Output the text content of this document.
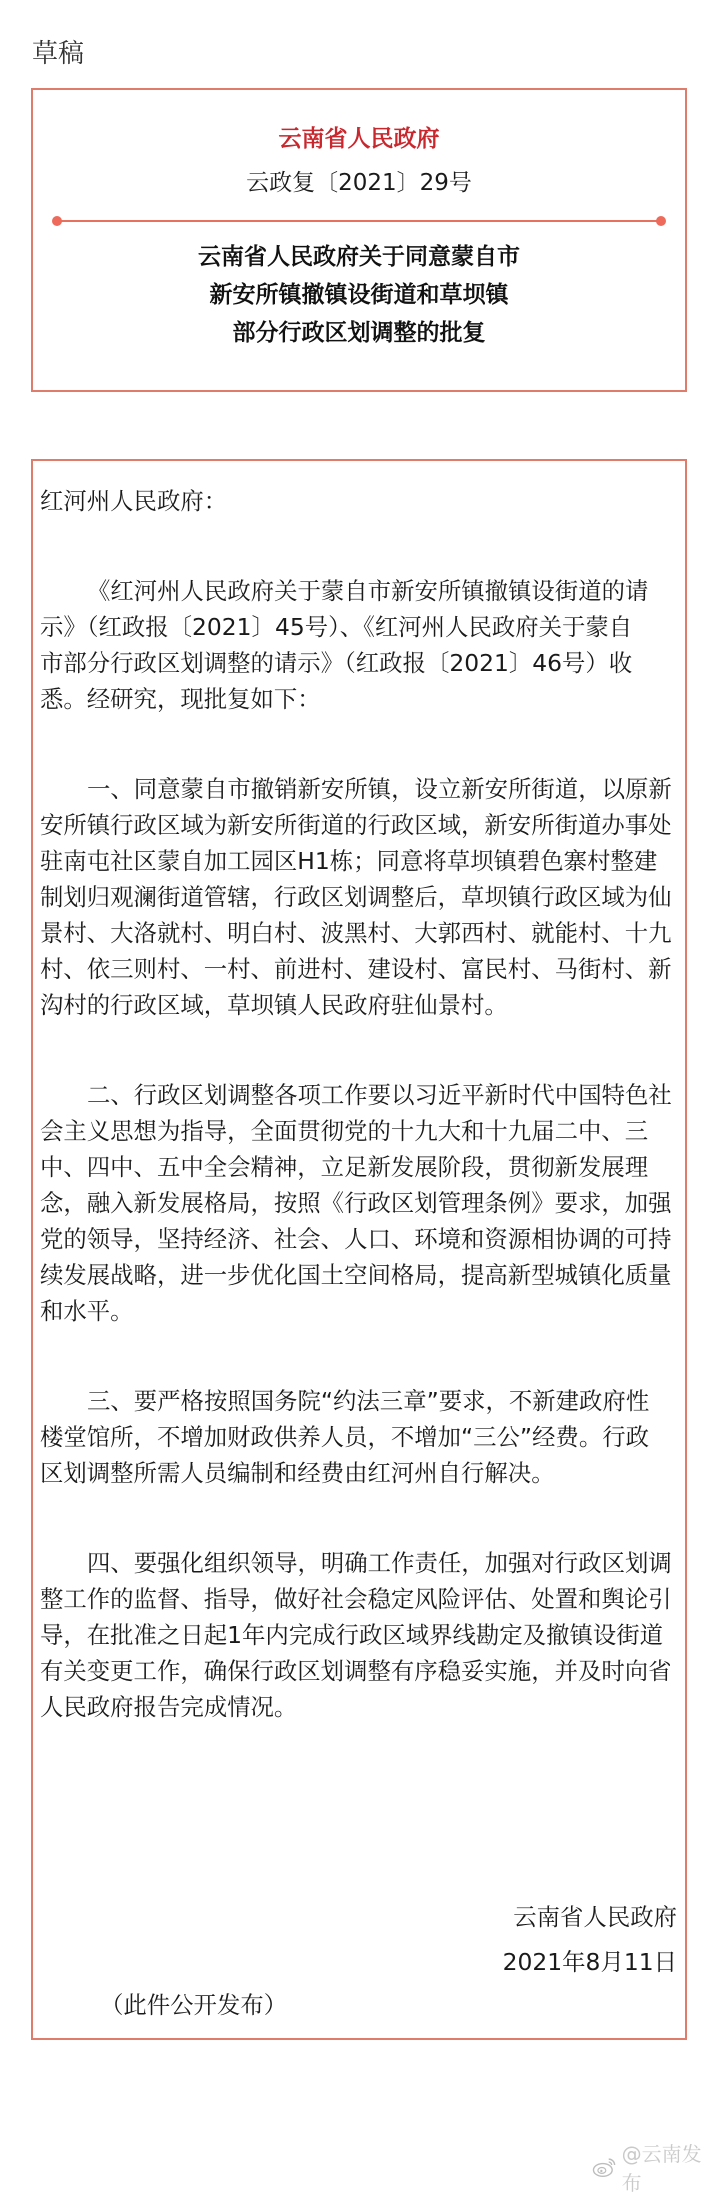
草稿
云南省人民政府
云政复〔2021〕29号
云南省人民政府关于同意蒙自市
新安所镇撤镇设街道和草坝镇
部分行政区划调整的批复

红河州人民政府：

《红河州人民政府关于蒙自市新安所镇撤镇设街道的请
示》（红政报〔2021〕45号）、《红河州人民政府关于蒙自
市部分行政区划调整的请示》（红政报〔2021〕46号）收
悉。经研究，现批复如下：

一、同意蒙自市撤销新安所镇，设立新安所街道，以原新
安所镇行政区域为新安所街道的行政区域，新安所街道办事处
驻南屯社区蒙自加工园区H1栋；同意将草坝镇碧色寨村整建
制划归观澜街道管辖，行政区划调整后，草坝镇行政区域为仙
景村、大洛就村、明白村、波黑村、大郭西村、就能村、十九
村、依三则村、一村、前进村、建设村、富民村、马街村、新
沟村的行政区域，草坝镇人民政府驻仙景村。

二、行政区划调整各项工作要以习近平新时代中国特色社
会主义思想为指导，全面贯彻党的十九大和十九届二中、三
中、四中、五中全会精神，立足新发展阶段，贯彻新发展理
念，融入新发展格局，按照《行政区划管理条例》要求，加强
党的领导，坚持经济、社会、人口、环境和资源相协调的可持
续发展战略，进一步优化国土空间格局，提高新型城镇化质量
和水平。

三、要严格按照国务院“约法三章”要求，不新建政府性
楼堂馆所，不增加财政供养人员，不增加“三公”经费。行政
区划调整所需人员编制和经费由红河州自行解决。

四、要强化组织领导，明确工作责任，加强对行政区划调
整工作的监督、指导，做好社会稳定风险评估、处置和舆论引
导，在批准之日起1年内完成行政区域界线勘定及撤镇设街道
有关变更工作，确保行政区划调整有序稳妥实施，并及时向省
人民政府报告完成情况。

云南省人民政府
2021年8月11日
（此件公开发布）
@云南发布
